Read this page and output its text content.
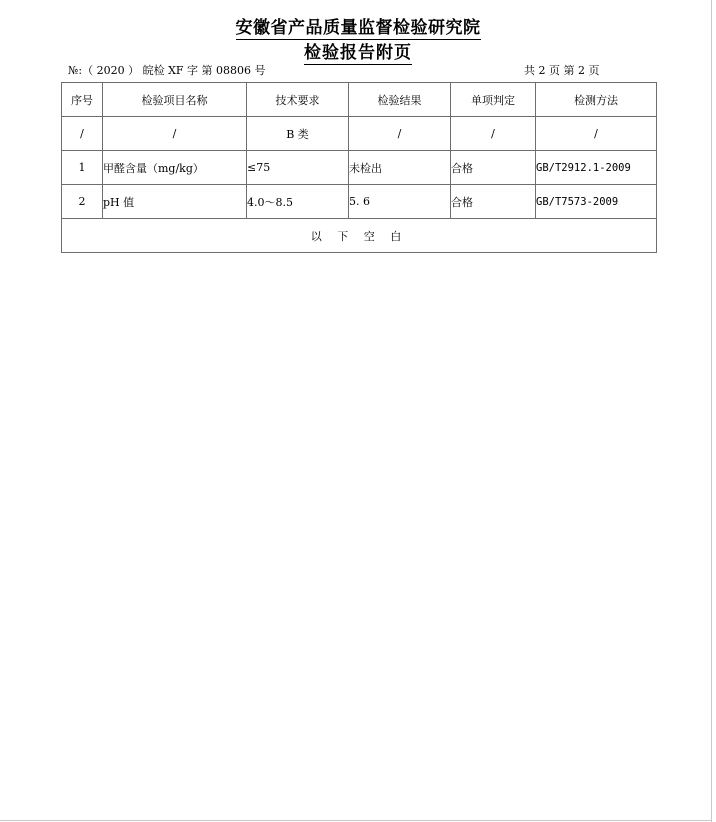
安徽省产品质量监督检验研究院
检验报告附页
№:（ 2020 ） 皖检 XF 字 第 08806 号	共 2 页 第 2 页
序号	检验项目名称	技术要求	检验结果	单项判定	检测方法
/	/	B 类	/	/	/
1	甲醛含量（mg/kg）	≤75	未检出	合格	GB/T2912.1-2009
2	pH 值	4.0～8.5	5. 6	合格	GB/T7573-2009
以 下 空 白					
